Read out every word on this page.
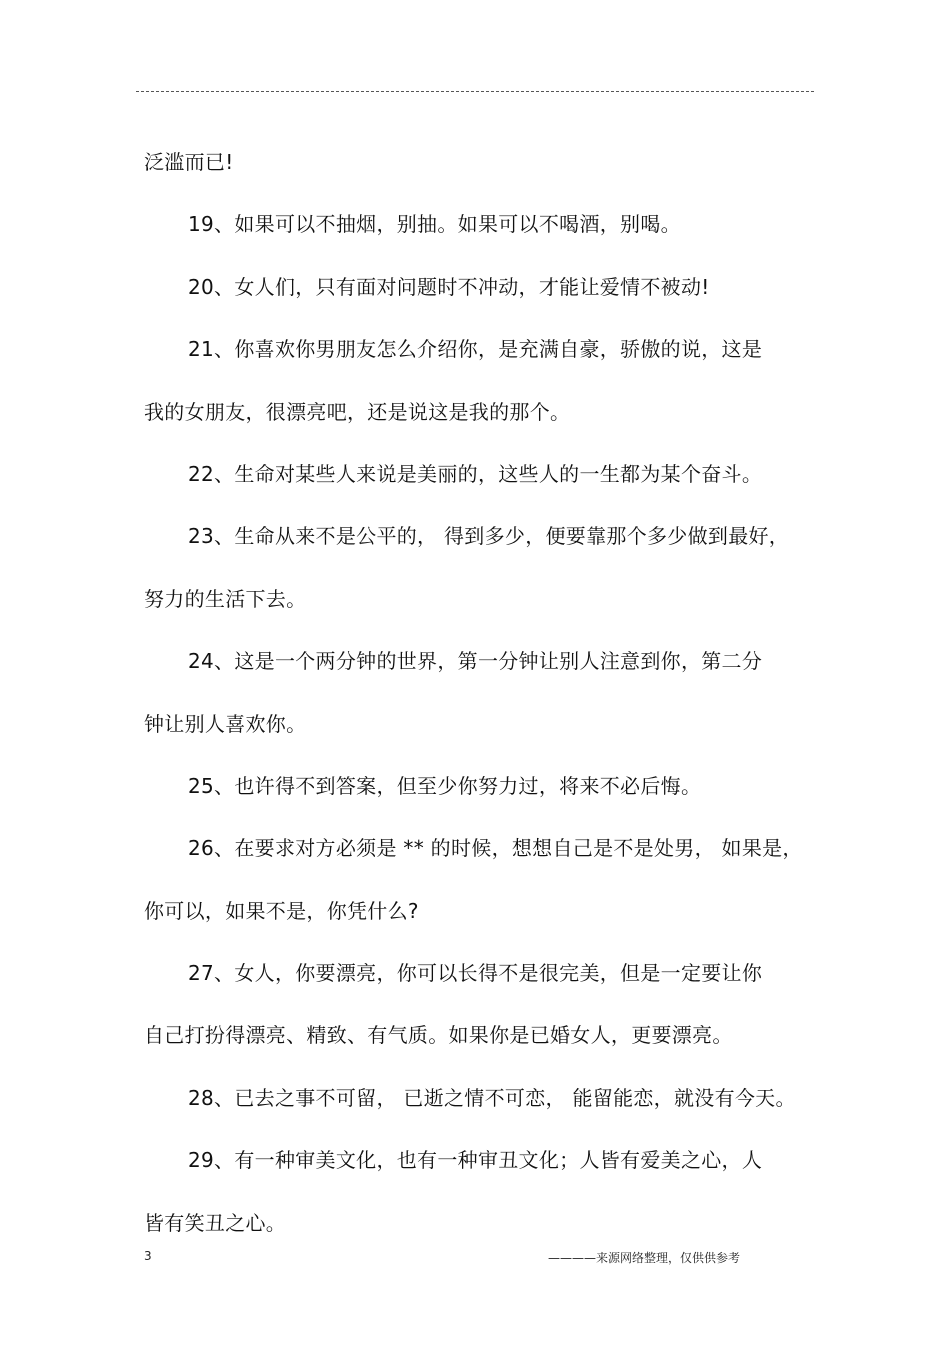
泛滥而已!
19、如果可以不抽烟，别抽。如果可以不喝酒，别喝。
20、女人们，只有面对问题时不冲动，才能让爱情不被动!
21、你喜欢你男朋友怎么介绍你，是充满自豪，骄傲的说，这是
我的女朋友，很漂亮吧，还是说这是我的那个。
22、生命对某些人来说是美丽的，这些人的一生都为某个奋斗。
23、生命从来不是公平的， 得到多少，便要靠那个多少做到最好，
努力的生活下去。
24、这是一个两分钟的世界，第一分钟让别人注意到你，第二分
钟让别人喜欢你。
25、也许得不到答案，但至少你努力过，将来不必后悔。
26、在要求对方必须是 ** 的时候，想想自己是不是处男， 如果是，
你可以，如果不是，你凭什么?
27、女人，你要漂亮，你可以长得不是很完美，但是一定要让你
自己打扮得漂亮、精致、有气质。如果你是已婚女人，更要漂亮。
28、已去之事不可留， 已逝之情不可恋， 能留能恋，就没有今天。
29、有一种审美文化，也有一种审丑文化；人皆有爱美之心，人
皆有笑丑之心。
3	————来源网络整理，仅供供参考
